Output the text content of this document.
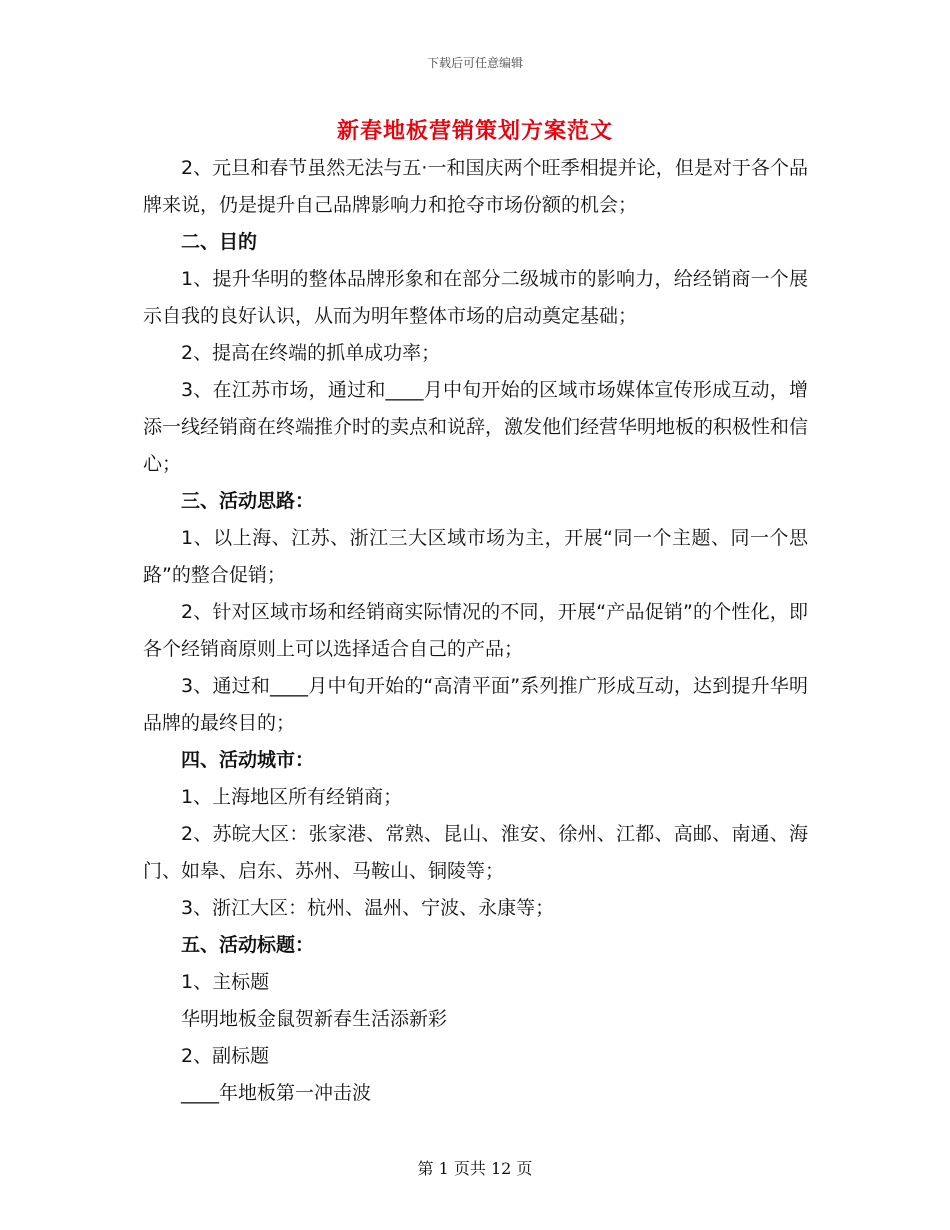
下载后可任意编辑
新春地板营销策划方案范文

2、元旦和春节虽然无法与五·一和国庆两个旺季相提并论，但是对于各个品牌来说，仍是提升自己品牌影响力和抢夺市场份额的机会；

二、目的

1、提升华明的整体品牌形象和在部分二级城市的影响力，给经销商一个展示自我的良好认识，从而为明年整体市场的启动奠定基础；

2、提高在终端的抓单成功率；

3、在江苏市场，通过和____月中旬开始的区域市场媒体宣传形成互动，增添一线经销商在终端推介时的卖点和说辞，激发他们经营华明地板的积极性和信心；

三、活动思路：

1、以上海、江苏、浙江三大区域市场为主，开展“同一个主题、同一个思路”的整合促销；

2、针对区域市场和经销商实际情况的不同，开展“产品促销”的个性化，即各个经销商原则上可以选择适合自己的产品；

3、通过和____月中旬开始的“高清平面”系列推广形成互动，达到提升华明品牌的最终目的；

四、活动城市：

1、上海地区所有经销商；

2、苏皖大区：张家港、常熟、昆山、淮安、徐州、江都、高邮、南通、海门、如皋、启东、苏州、马鞍山、铜陵等；

3、浙江大区：杭州、温州、宁波、永康等；

五、活动标题：

1、主标题

华明地板金鼠贺新春生活添新彩

2、副标题

____年地板第一冲击波

第 1 页共 12 页
